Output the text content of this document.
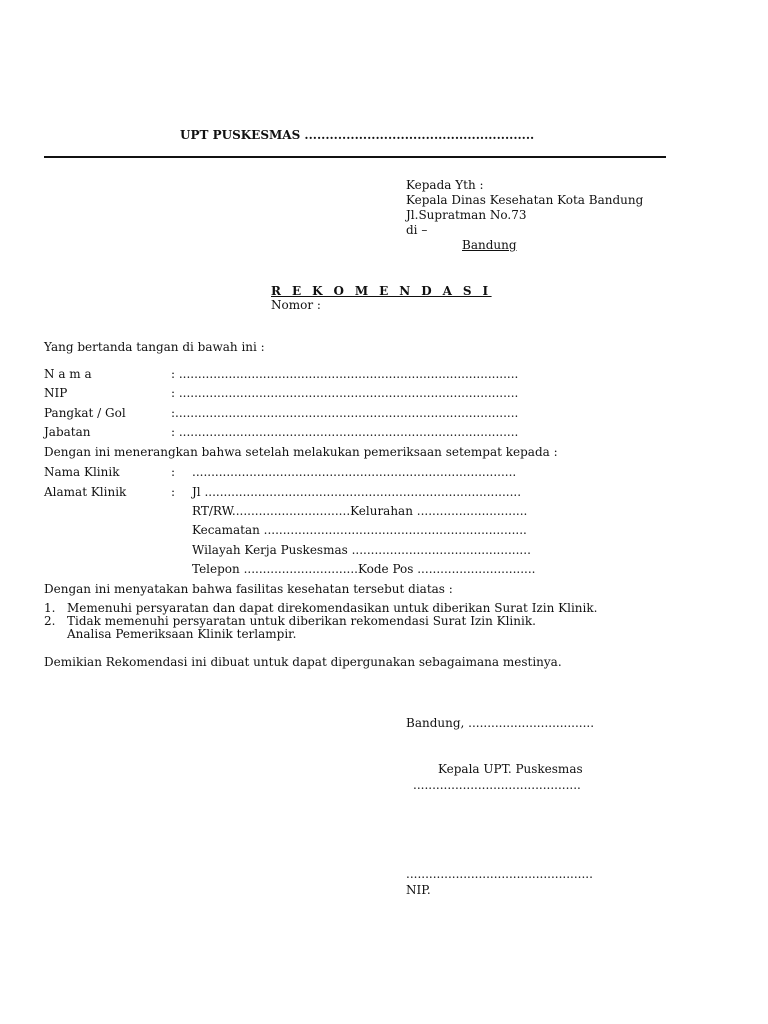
UPT PUSKESMAS .......................................................
Kepada Yth :
Kepala Dinas Kesehatan Kota Bandung
Jl.Supratman No.73
di –
Bandung
R E K O M E N D A S I
Nomor :
Yang bertanda tangan di bawah ini :
N a m a	: .........................................................................................
NIP	: .........................................................................................
Pangkat / Gol	:..........................................................................................
Jabatan	: .........................................................................................
Dengan ini menerangkan bahwa setelah melakukan pemeriksaan setempat kepada :
Nama Klinik	: .....................................................................................
Alamat Klinik	: Jl ...................................................................................
RT/RW...............................Kelurahan .............................
Kecamatan .....................................................................
Wilayah Kerja Puskesmas ...............................................
Telepon ..............................Kode Pos ...............................
Dengan ini menyatakan bahwa fasilitas kesehatan tersebut diatas :
1. Memenuhi persyaratan dan dapat direkomendasikan untuk diberikan Surat Izin Klinik.
2. Tidak memenuhi persyaratan untuk diberikan rekomendasi Surat Izin Klinik.
Analisa Pemeriksaan Klinik terlampir.
Demikian Rekomendasi ini dibuat untuk dapat dipergunakan sebagaimana mestinya.
Bandung, .................................
Kepala UPT. Puskesmas
............................................
.................................................
NIP.
